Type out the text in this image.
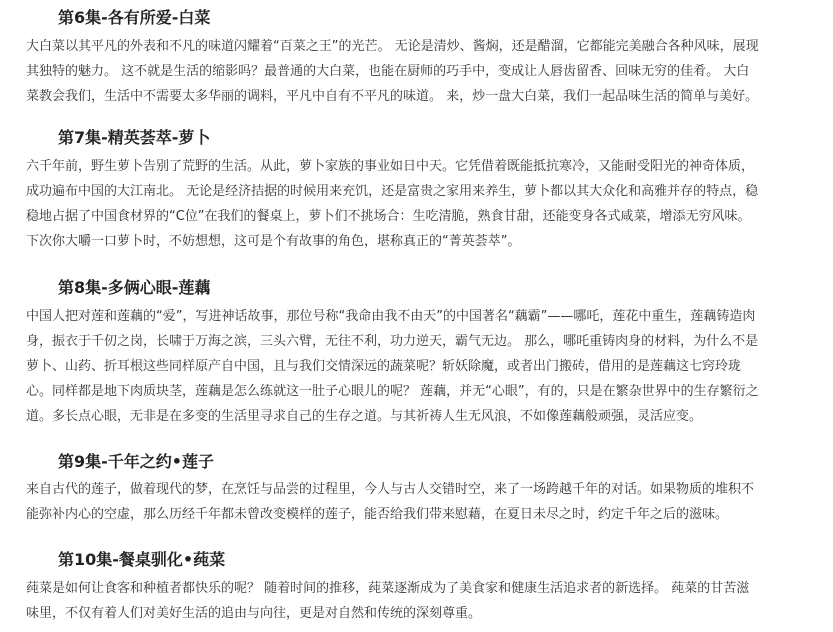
第6集-各有所爱-白菜
大白菜以其平凡的外表和不凡的味道闪耀着“百菜之王”的光芒。 无论是清炒、酱焖，还是醋溜，它都能完美融合各种风味，展现
其独特的魅力。 这不就是生活的缩影吗？最普通的大白菜，也能在厨师的巧手中，变成让人唇齿留香、回味无穷的佳肴。 大白
菜教会我们，生活中不需要太多华丽的调料，平凡中自有不平凡的味道。 来，炒一盘大白菜，我们一起品味生活的简单与美好。
第7集-精英荟萃-萝卜
六千年前，野生萝卜告别了荒野的生活。从此，萝卜家族的事业如日中天。它凭借着既能抵抗寒冷，又能耐受阳光的神奇体质，
成功遍布中国的大江南北。 无论是经济拮据的时候用来充饥，还是富贵之家用来养生，萝卜都以其大众化和高雅并存的特点，稳
稳地占据了中国食材界的“C位”在我们的餐桌上，萝卜们不挑场合：生吃清脆，熟食甘甜，还能变身各式咸菜，增添无穷风味。
下次你大嚼一口萝卜时，不妨想想，这可是个有故事的角色，堪称真正的“菁英荟萃”。
第8集-多俩心眼-莲藕
中国人把对莲和莲藕的“爱”，写进神话故事，那位号称“我命由我不由天”的中国著名“藕霸”——哪吒，莲花中重生，莲藕铸造肉
身，振衣于千仞之岗，长啸于万海之滨，三头六臂，无往不利，功力逆天，霸气无边。 那么，哪吒重铸肉身的材料，为什么不是
萝卜、山药、折耳根这些同样原产自中国，且与我们交情深远的蔬菜呢？斩妖除魔，或者出门搬砖，借用的是莲藕这七窍玲珑
心。同样都是地下肉质块茎，莲藕是怎么练就这一肚子心眼儿的呢？ 莲藕，并无“心眼”，有的，只是在繁杂世界中的生存繁衍之
道。多长点心眼，无非是在多变的生活里寻求自己的生存之道。与其祈祷人生无风浪，不如像莲藕般顽强，灵活应变。
第9集-千年之约•莲子
来自古代的莲子，做着现代的梦，在烹饪与品尝的过程里，今人与古人交错时空，来了一场跨越千年的对话。如果物质的堆积不
能弥补内心的空虚，那么历经千年都未曾改变模样的莲子，能否给我们带来慰藉，在夏日未尽之时，约定千年之后的滋味。
第10集-餐桌驯化•莼菜
莼菜是如何让食客和种植者都快乐的呢？ 随着时间的推移，莼菜逐渐成为了美食家和健康生活追求者的新选择。 莼菜的甘苦滋
味里，不仅有着人们对美好生活的追由与向往，更是对自然和传统的深刻尊重。
